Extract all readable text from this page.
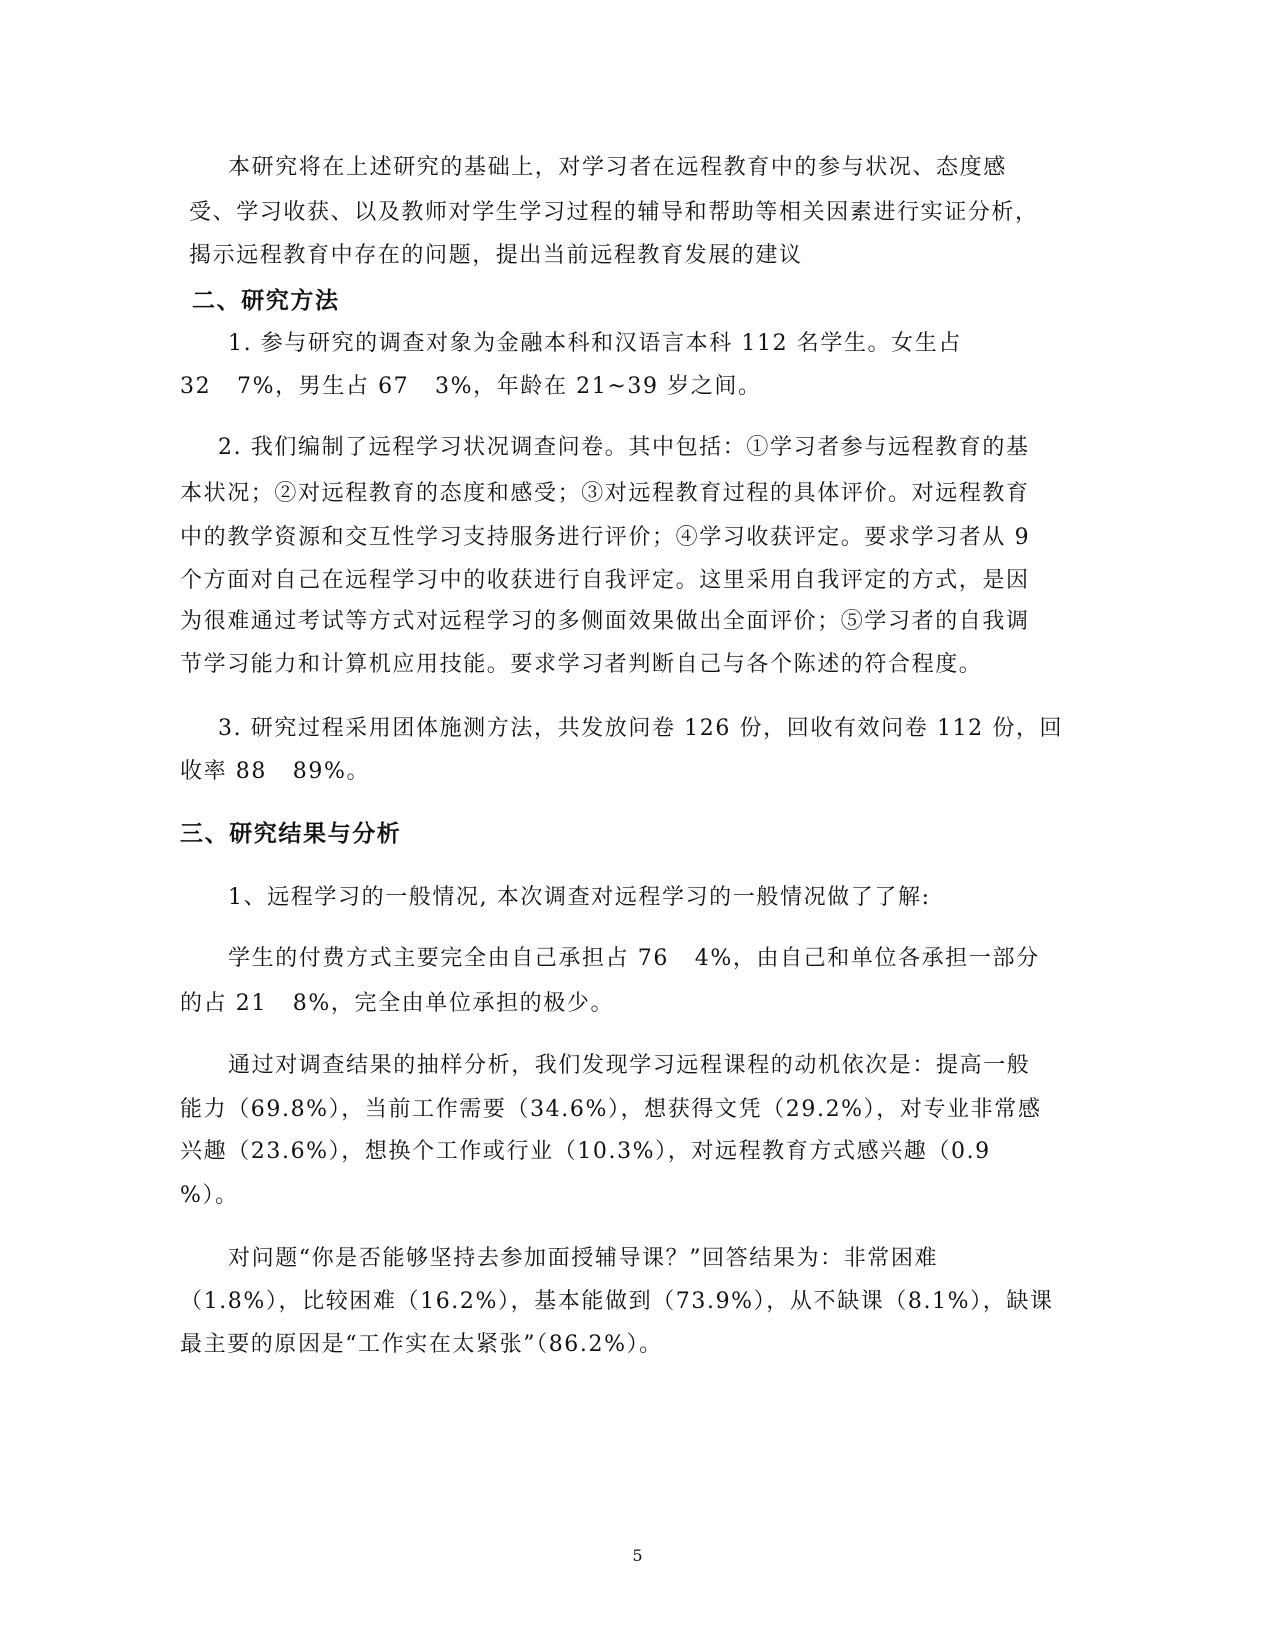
本研究将在上述研究的基础上，对学习者在远程教育中的参与状况、态度感
受、学习收获、以及教师对学生学习过程的辅导和帮助等相关因素进行实证分析，
揭示远程教育中存在的问题，提出当前远程教育发展的建议
二、研究方法
1. 参与研究的调查对象为金融本科和汉语言本科 112 名学生。女生占
32   7%，男生占 67   3%，年龄在 21~39 岁之间。
2. 我们编制了远程学习状况调查问卷。其中包括：①学习者参与远程教育的基
本状况；②对远程教育的态度和感受；③对远程教育过程的具体评价。对远程教育
中的教学资源和交互性学习支持服务进行评价；④学习收获评定。要求学习者从 9
个方面对自己在远程学习中的收获进行自我评定。这里采用自我评定的方式，是因
为很难通过考试等方式对远程学习的多侧面效果做出全面评价；⑤学习者的自我调
节学习能力和计算机应用技能。要求学习者判断自己与各个陈述的符合程度。
3. 研究过程采用团体施测方法，共发放问卷 126 份，回收有效问卷 112 份，回
收率 88   89%。
三、研究结果与分析
1、远程学习的一般情况, 本次调查对远程学习的一般情况做了了解:
学生的付费方式主要完全由自己承担占 76   4%，由自己和单位各承担一部分
的占 21   8%，完全由单位承担的极少。
通过对调查结果的抽样分析，我们发现学习远程课程的动机依次是：提高一般
能力（69.8%），当前工作需要（34.6%），想获得文凭（29.2%），对专业非常感
兴趣（23.6%），想换个工作或行业（10.3%），对远程教育方式感兴趣（0.9
%）。
对问题“你是否能够坚持去参加面授辅导课？”回答结果为：非常困难
（1.8%），比较困难（16.2%），基本能做到（73.9%），从不缺课（8.1%），缺课
最主要的原因是“工作实在太紧张”（86.2%）。
5
